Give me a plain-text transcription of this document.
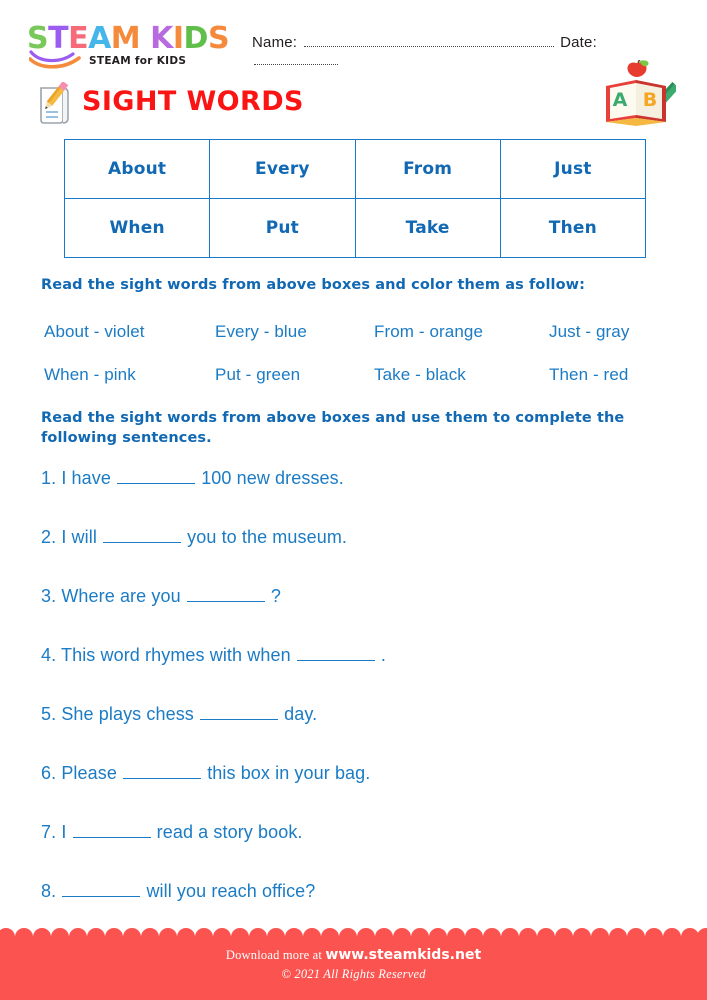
STEAM KIDS
STEAM for KIDS
Name:	Date:
SIGHT WORDS	A B
About	Every	From	Just
When	Put	Take	Then
Read the sight words from above boxes and color them as follow:
About - violet	Every - blue	From - orange	Just - gray
When - pink	Put - green	Take - black	Then - red
Read the sight words from above boxes and use them to complete the following sentences.
1. I have	100 new dresses.
2. I will	you to the museum.
3. Where are you	?
4. This word rhymes with when	.
5. She plays chess	day.
6. Please	this box in your bag.
7. I	read a story book.
8.	will you reach office?
Download more at www.steamkids.net
© 2021 All Rights Reserved
